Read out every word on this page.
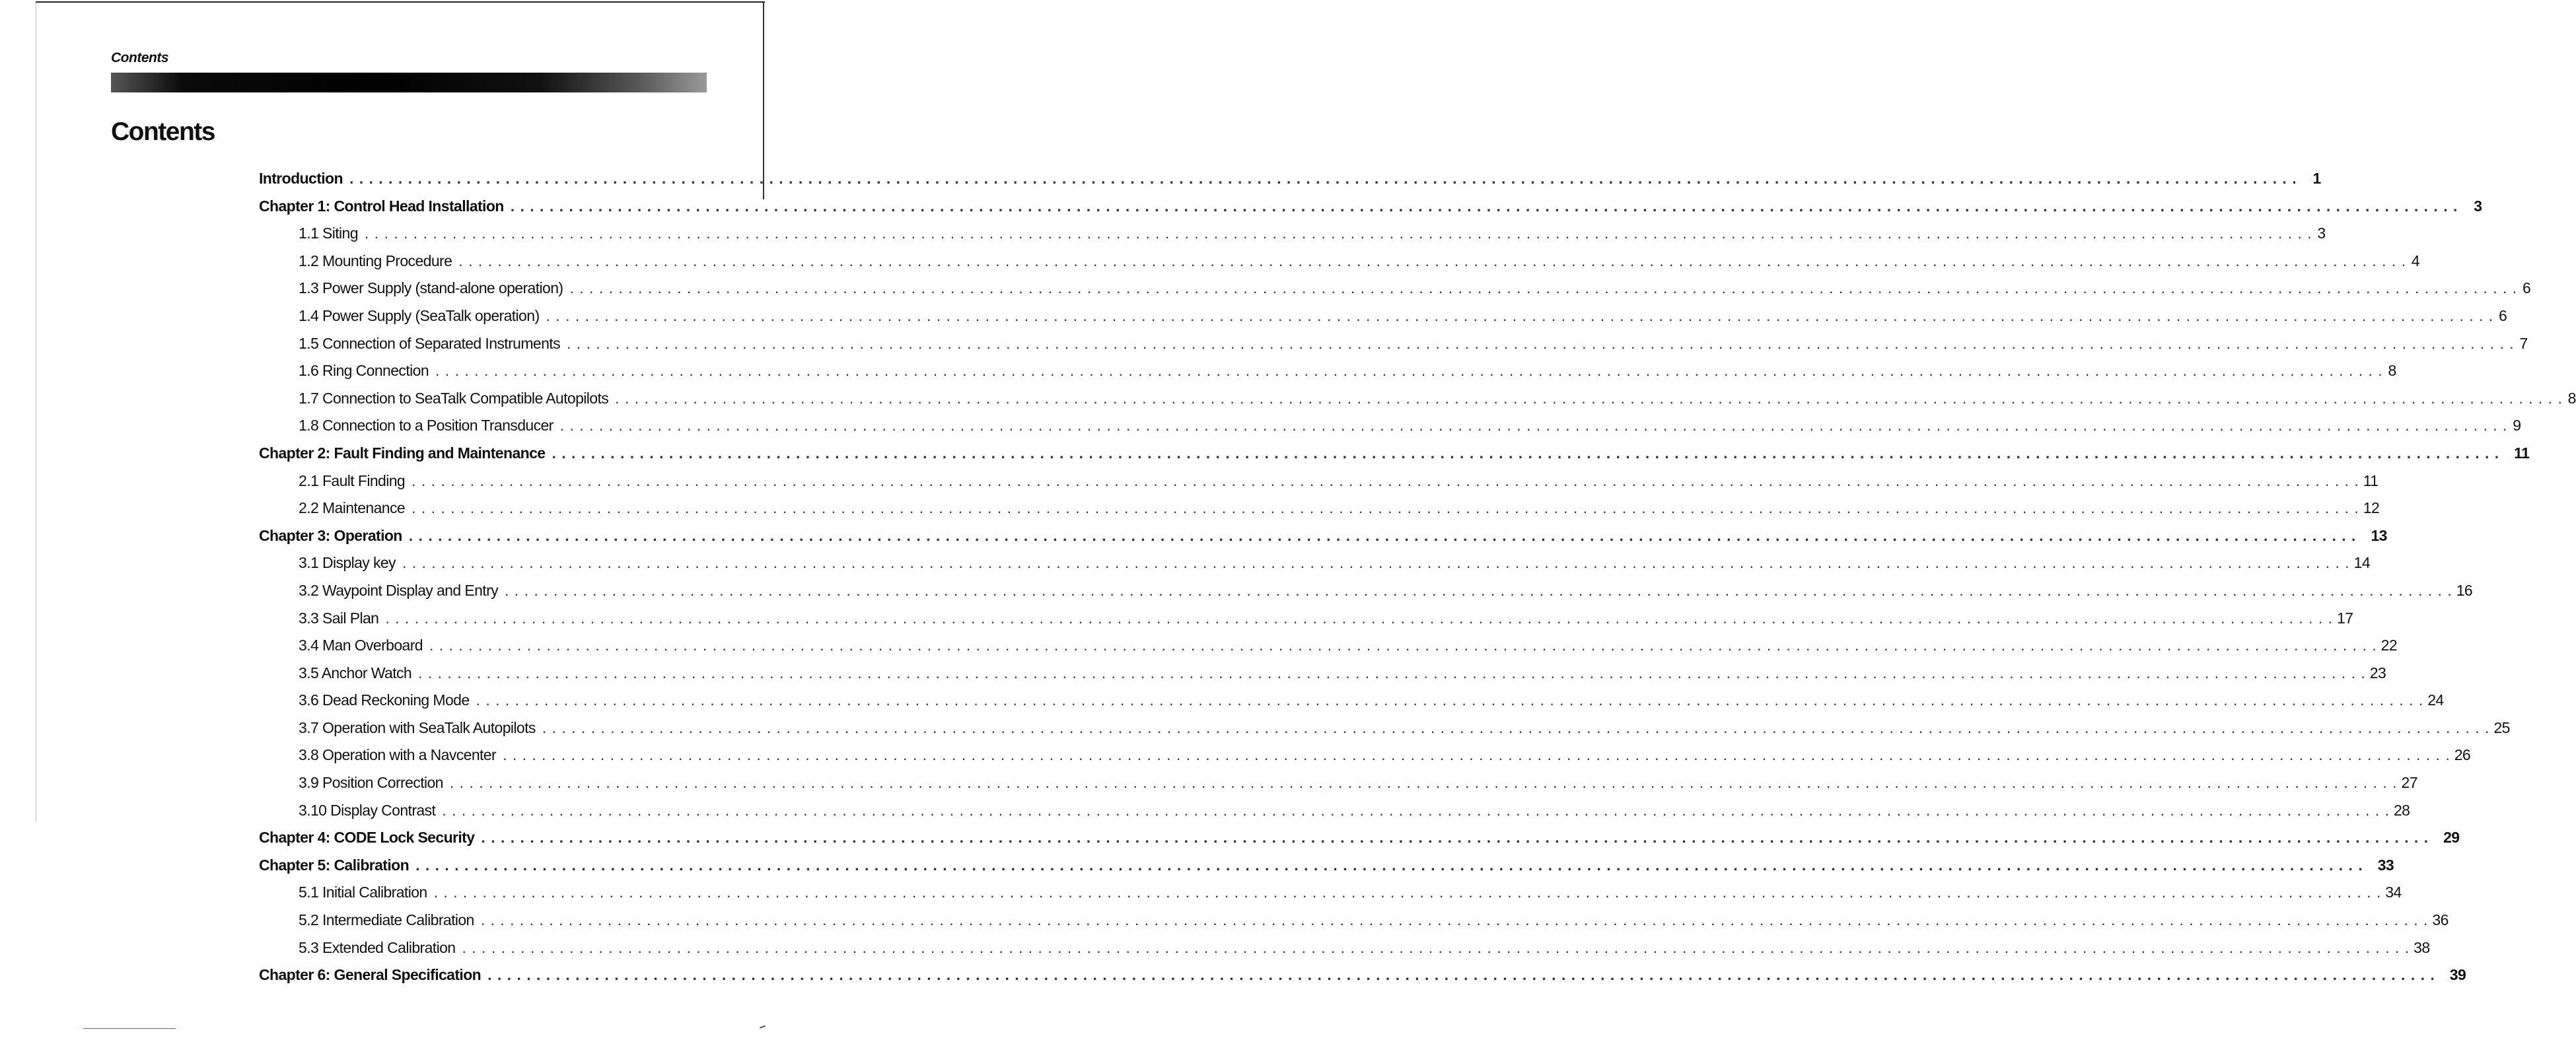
Contents
Contents
Introduction . . . . . . . . . . . . . . . . . . . . . . . . . . . . . . . . . . . . . . . . . . . . . . . . . . . . . . . . . . . . . . . . . . . . . . . . . . . . . . . . . . . . . . . . . . . . . . . . . . . . . . . . . . . . . . . . . . . . . . . . . . . . . . . . . . . . . . . . . . . . . . . . . . . . . . . . . . . . . . . . . . . . . . . . . . . . . . . . . . . . . . . . . . . . . . . . . . . . . . . . 1
Chapter 1: Control Head Installation . . . . . . . . . . . . . . . . . . . . . . . . . . . . . . . . . . . . . . . . . . . . . . . . . . . . . . . . . . . . . . . . . . . . . . . . . . . . . . . . . . . . . . . . . . . . . . . . . . . . . . . . . . . . . . . . . . . . . . . . . . . . . . . . . . . . . . . . . . . . . . . . . . . . . . . . . . . . . . . . . . . . . . . . . . . . . . . . . . . . . . . . . . . . . . . . . . . . . . . . 3
1.1 Siting . . . . . . . . . . . . . . . . . . . . . . . . . . . . . . . . . . . . . . . . . . . . . . . . . . . . . . . . . . . . . . . . . . . . . . . . . . . . . . . . . . . . . . . . . . . . . . . . . . . . . . . . . . . . . . . . . . . . . . . . . . . . . . . . . . . . . . . . . . . . . . . . . . . . . . . . . . . . . . . . . . . . . . . . . . . . . . . . . . . . . . . . . . . . . . . . . . . . . . . . 3
1.2 Mounting Procedure . . . . . . . . . . . . . . . . . . . . . . . . . . . . . . . . . . . . . . . . . . . . . . . . . . . . . . . . . . . . . . . . . . . . . . . . . . . . . . . . . . . . . . . . . . . . . . . . . . . . . . . . . . . . . . . . . . . . . . . . . . . . . . . . . . . . . . . . . . . . . . . . . . . . . . . . . . . . . . . . . . . . . . . . . . . . . . . . . . . . . . . . . . . . . . . . . . . . . . . . 4
1.3 Power Supply (stand-alone operation) . . . . . . . . . . . . . . . . . . . . . . . . . . . . . . . . . . . . . . . . . . . . . . . . . . . . . . . . . . . . . . . . . . . . . . . . . . . . . . . . . . . . . . . . . . . . . . . . . . . . . . . . . . . . . . . . . . . . . . . . . . . . . . . . . . . . . . . . . . . . . . . . . . . . . . . . . . . . . . . . . . . . . . . . . . . . . . . . . . . . . . . . . . . . . . . . . . . . . . . . 6
1.4 Power Supply (SeaTalk operation) . . . . . . . . . . . . . . . . . . . . . . . . . . . . . . . . . . . . . . . . . . . . . . . . . . . . . . . . . . . . . . . . . . . . . . . . . . . . . . . . . . . . . . . . . . . . . . . . . . . . . . . . . . . . . . . . . . . . . . . . . . . . . . . . . . . . . . . . . . . . . . . . . . . . . . . . . . . . . . . . . . . . . . . . . . . . . . . . . . . . . . . . . . . . . . . . . . . . . . . . 6
1.5 Connection of Separated Instruments . . . . . . . . . . . . . . . . . . . . . . . . . . . . . . . . . . . . . . . . . . . . . . . . . . . . . . . . . . . . . . . . . . . . . . . . . . . . . . . . . . . . . . . . . . . . . . . . . . . . . . . . . . . . . . . . . . . . . . . . . . . . . . . . . . . . . . . . . . . . . . . . . . . . . . . . . . . . . . . . . . . . . . . . . . . . . . . . . . . . . . . . . . . . . . . . . . . . . . . . 7
1.6 Ring Connection . . . . . . . . . . . . . . . . . . . . . . . . . . . . . . . . . . . . . . . . . . . . . . . . . . . . . . . . . . . . . . . . . . . . . . . . . . . . . . . . . . . . . . . . . . . . . . . . . . . . . . . . . . . . . . . . . . . . . . . . . . . . . . . . . . . . . . . . . . . . . . . . . . . . . . . . . . . . . . . . . . . . . . . . . . . . . . . . . . . . . . . . . . . . . . . . . . . . . . . . 8
1.7 Connection to SeaTalk Compatible Autopilots . . . . . . . . . . . . . . . . . . . . . . . . . . . . . . . . . . . . . . . . . . . . . . . . . . . . . . . . . . . . . . . . . . . . . . . . . . . . . . . . . . . . . . . . . . . . . . . . . . . . . . . . . . . . . . . . . . . . . . . . . . . . . . . . . . . . . . . . . . . . . . . . . . . . . . . . . . . . . . . . . . . . . . . . . . . . . . . . . . . . . . . . . . . . . . . . . . . . . . . . 8
1.8 Connection to a Position Transducer . . . . . . . . . . . . . . . . . . . . . . . . . . . . . . . . . . . . . . . . . . . . . . . . . . . . . . . . . . . . . . . . . . . . . . . . . . . . . . . . . . . . . . . . . . . . . . . . . . . . . . . . . . . . . . . . . . . . . . . . . . . . . . . . . . . . . . . . . . . . . . . . . . . . . . . . . . . . . . . . . . . . . . . . . . . . . . . . . . . . . . . . . . . . . . . . . . . . . . . . 9
Chapter 2: Fault Finding and Maintenance . . . . . . . . . . . . . . . . . . . . . . . . . . . . . . . . . . . . . . . . . . . . . . . . . . . . . . . . . . . . . . . . . . . . . . . . . . . . . . . . . . . . . . . . . . . . . . . . . . . . . . . . . . . . . . . . . . . . . . . . . . . . . . . . . . . . . . . . . . . . . . . . . . . . . . . . . . . . . . . . . . . . . . . . . . . . . . . . . . . . . . . . . . . . . . . . . . . . . . . . 11
2.1 Fault Finding . . . . . . . . . . . . . . . . . . . . . . . . . . . . . . . . . . . . . . . . . . . . . . . . . . . . . . . . . . . . . . . . . . . . . . . . . . . . . . . . . . . . . . . . . . . . . . . . . . . . . . . . . . . . . . . . . . . . . . . . . . . . . . . . . . . . . . . . . . . . . . . . . . . . . . . . . . . . . . . . . . . . . . . . . . . . . . . . . . . . . . . . . . . . . . . . . . . . . . . . 11
2.2 Maintenance . . . . . . . . . . . . . . . . . . . . . . . . . . . . . . . . . . . . . . . . . . . . . . . . . . . . . . . . . . . . . . . . . . . . . . . . . . . . . . . . . . . . . . . . . . . . . . . . . . . . . . . . . . . . . . . . . . . . . . . . . . . . . . . . . . . . . . . . . . . . . . . . . . . . . . . . . . . . . . . . . . . . . . . . . . . . . . . . . . . . . . . . . . . . . . . . . . . . . . . . 12
Chapter 3: Operation . . . . . . . . . . . . . . . . . . . . . . . . . . . . . . . . . . . . . . . . . . . . . . . . . . . . . . . . . . . . . . . . . . . . . . . . . . . . . . . . . . . . . . . . . . . . . . . . . . . . . . . . . . . . . . . . . . . . . . . . . . . . . . . . . . . . . . . . . . . . . . . . . . . . . . . . . . . . . . . . . . . . . . . . . . . . . . . . . . . . . . . . . . . . . . . . . . . . . . . . 13
3.1 Display key . . . . . . . . . . . . . . . . . . . . . . . . . . . . . . . . . . . . . . . . . . . . . . . . . . . . . . . . . . . . . . . . . . . . . . . . . . . . . . . . . . . . . . . . . . . . . . . . . . . . . . . . . . . . . . . . . . . . . . . . . . . . . . . . . . . . . . . . . . . . . . . . . . . . . . . . . . . . . . . . . . . . . . . . . . . . . . . . . . . . . . . . . . . . . . . . . . . . . . . . 14
3.2 Waypoint Display and Entry . . . . . . . . . . . . . . . . . . . . . . . . . . . . . . . . . . . . . . . . . . . . . . . . . . . . . . . . . . . . . . . . . . . . . . . . . . . . . . . . . . . . . . . . . . . . . . . . . . . . . . . . . . . . . . . . . . . . . . . . . . . . . . . . . . . . . . . . . . . . . . . . . . . . . . . . . . . . . . . . . . . . . . . . . . . . . . . . . . . . . . . . . . . . . . . . . . . . . . . . 16
3.3 Sail Plan . . . . . . . . . . . . . . . . . . . . . . . . . . . . . . . . . . . . . . . . . . . . . . . . . . . . . . . . . . . . . . . . . . . . . . . . . . . . . . . . . . . . . . . . . . . . . . . . . . . . . . . . . . . . . . . . . . . . . . . . . . . . . . . . . . . . . . . . . . . . . . . . . . . . . . . . . . . . . . . . . . . . . . . . . . . . . . . . . . . . . . . . . . . . . . . . . . . . . . . . 17
3.4 Man Overboard . . . . . . . . . . . . . . . . . . . . . . . . . . . . . . . . . . . . . . . . . . . . . . . . . . . . . . . . . . . . . . . . . . . . . . . . . . . . . . . . . . . . . . . . . . . . . . . . . . . . . . . . . . . . . . . . . . . . . . . . . . . . . . . . . . . . . . . . . . . . . . . . . . . . . . . . . . . . . . . . . . . . . . . . . . . . . . . . . . . . . . . . . . . . . . . . . . . . . . . . 22
3.5 Anchor Watch . . . . . . . . . . . . . . . . . . . . . . . . . . . . . . . . . . . . . . . . . . . . . . . . . . . . . . . . . . . . . . . . . . . . . . . . . . . . . . . . . . . . . . . . . . . . . . . . . . . . . . . . . . . . . . . . . . . . . . . . . . . . . . . . . . . . . . . . . . . . . . . . . . . . . . . . . . . . . . . . . . . . . . . . . . . . . . . . . . . . . . . . . . . . . . . . . . . . . . . . 23
3.6 Dead Reckoning Mode . . . . . . . . . . . . . . . . . . . . . . . . . . . . . . . . . . . . . . . . . . . . . . . . . . . . . . . . . . . . . . . . . . . . . . . . . . . . . . . . . . . . . . . . . . . . . . . . . . . . . . . . . . . . . . . . . . . . . . . . . . . . . . . . . . . . . . . . . . . . . . . . . . . . . . . . . . . . . . . . . . . . . . . . . . . . . . . . . . . . . . . . . . . . . . . . . . . . . . . . 24
3.7 Operation with SeaTalk Autopilots . . . . . . . . . . . . . . . . . . . . . . . . . . . . . . . . . . . . . . . . . . . . . . . . . . . . . . . . . . . . . . . . . . . . . . . . . . . . . . . . . . . . . . . . . . . . . . . . . . . . . . . . . . . . . . . . . . . . . . . . . . . . . . . . . . . . . . . . . . . . . . . . . . . . . . . . . . . . . . . . . . . . . . . . . . . . . . . . . . . . . . . . . . . . . . . . . . . . . . . . 25
3.8 Operation with a Navcenter . . . . . . . . . . . . . . . . . . . . . . . . . . . . . . . . . . . . . . . . . . . . . . . . . . . . . . . . . . . . . . . . . . . . . . . . . . . . . . . . . . . . . . . . . . . . . . . . . . . . . . . . . . . . . . . . . . . . . . . . . . . . . . . . . . . . . . . . . . . . . . . . . . . . . . . . . . . . . . . . . . . . . . . . . . . . . . . . . . . . . . . . . . . . . . . . . . . . . . . . 26
3.9 Position Correction . . . . . . . . . . . . . . . . . . . . . . . . . . . . . . . . . . . . . . . . . . . . . . . . . . . . . . . . . . . . . . . . . . . . . . . . . . . . . . . . . . . . . . . . . . . . . . . . . . . . . . . . . . . . . . . . . . . . . . . . . . . . . . . . . . . . . . . . . . . . . . . . . . . . . . . . . . . . . . . . . . . . . . . . . . . . . . . . . . . . . . . . . . . . . . . . . . . . . . . . 27
3.10 Display Contrast . . . . . . . . . . . . . . . . . . . . . . . . . . . . . . . . . . . . . . . . . . . . . . . . . . . . . . . . . . . . . . . . . . . . . . . . . . . . . . . . . . . . . . . . . . . . . . . . . . . . . . . . . . . . . . . . . . . . . . . . . . . . . . . . . . . . . . . . . . . . . . . . . . . . . . . . . . . . . . . . . . . . . . . . . . . . . . . . . . . . . . . . . . . . . . . . . . . . . . . . 28
Chapter 4: CODE Lock Security . . . . . . . . . . . . . . . . . . . . . . . . . . . . . . . . . . . . . . . . . . . . . . . . . . . . . . . . . . . . . . . . . . . . . . . . . . . . . . . . . . . . . . . . . . . . . . . . . . . . . . . . . . . . . . . . . . . . . . . . . . . . . . . . . . . . . . . . . . . . . . . . . . . . . . . . . . . . . . . . . . . . . . . . . . . . . . . . . . . . . . . . . . . . . . . . . . . . . . . . 29
Chapter 5: Calibration . . . . . . . . . . . . . . . . . . . . . . . . . . . . . . . . . . . . . . . . . . . . . . . . . . . . . . . . . . . . . . . . . . . . . . . . . . . . . . . . . . . . . . . . . . . . . . . . . . . . . . . . . . . . . . . . . . . . . . . . . . . . . . . . . . . . . . . . . . . . . . . . . . . . . . . . . . . . . . . . . . . . . . . . . . . . . . . . . . . . . . . . . . . . . . . . . . . . . . . . 33
5.1 Initial Calibration . . . . . . . . . . . . . . . . . . . . . . . . . . . . . . . . . . . . . . . . . . . . . . . . . . . . . . . . . . . . . . . . . . . . . . . . . . . . . . . . . . . . . . . . . . . . . . . . . . . . . . . . . . . . . . . . . . . . . . . . . . . . . . . . . . . . . . . . . . . . . . . . . . . . . . . . . . . . . . . . . . . . . . . . . . . . . . . . . . . . . . . . . . . . . . . . . . . . . . . . 34
5.2 Intermediate Calibration . . . . . . . . . . . . . . . . . . . . . . . . . . . . . . . . . . . . . . . . . . . . . . . . . . . . . . . . . . . . . . . . . . . . . . . . . . . . . . . . . . . . . . . . . . . . . . . . . . . . . . . . . . . . . . . . . . . . . . . . . . . . . . . . . . . . . . . . . . . . . . . . . . . . . . . . . . . . . . . . . . . . . . . . . . . . . . . . . . . . . . . . . . . . . . . . . . . . . . . . 36
5.3 Extended Calibration . . . . . . . . . . . . . . . . . . . . . . . . . . . . . . . . . . . . . . . . . . . . . . . . . . . . . . . . . . . . . . . . . . . . . . . . . . . . . . . . . . . . . . . . . . . . . . . . . . . . . . . . . . . . . . . . . . . . . . . . . . . . . . . . . . . . . . . . . . . . . . . . . . . . . . . . . . . . . . . . . . . . . . . . . . . . . . . . . . . . . . . . . . . . . . . . . . . . . . . . 38
Chapter 6: General Specification . . . . . . . . . . . . . . . . . . . . . . . . . . . . . . . . . . . . . . . . . . . . . . . . . . . . . . . . . . . . . . . . . . . . . . . . . . . . . . . . . . . . . . . . . . . . . . . . . . . . . . . . . . . . . . . . . . . . . . . . . . . . . . . . . . . . . . . . . . . . . . . . . . . . . . . . . . . . . . . . . . . . . . . . . . . . . . . . . . . . . . . . . . . . . . . . . . . . . . . . 39
